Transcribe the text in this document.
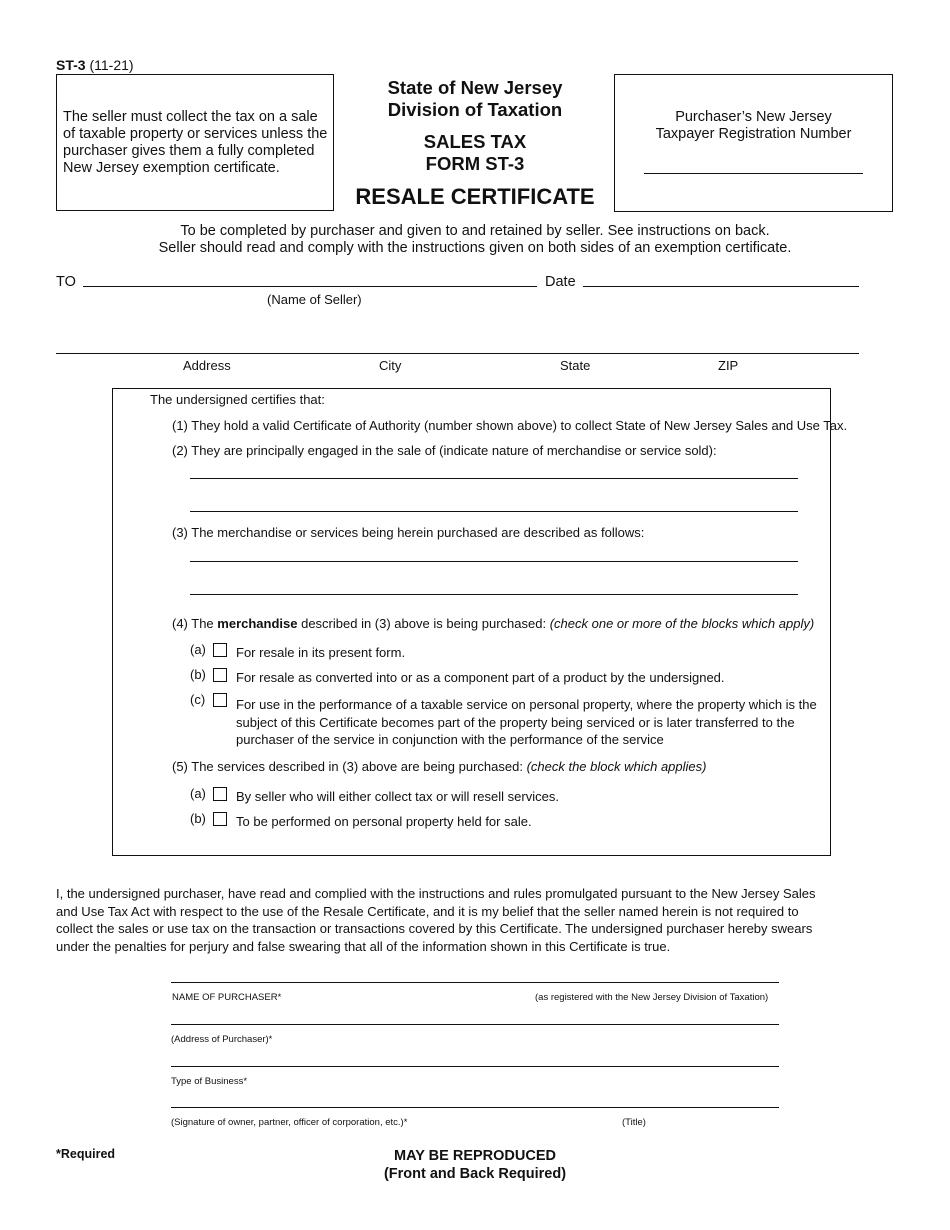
ST-3 (11-21)
The seller must collect the tax on a sale of taxable property or services unless the purchaser gives them a fully completed New Jersey exemption certificate.
State of New Jersey
Division of Taxation
SALES TAX
FORM ST-3
RESALE CERTIFICATE
Purchaser’s New Jersey
Taxpayer Registration Number
To be completed by purchaser and given to and retained by seller. See instructions on back.
Seller should read and comply with the instructions given on both sides of an exemption certificate.
TO	Date
(Name of Seller)
Address	City	State	ZIP
The undersigned certifies that:
(1) They hold a valid Certificate of Authority (number shown above) to collect State of New Jersey Sales and Use Tax.
(2) They are principally engaged in the sale of (indicate nature of merchandise or service sold):
(3) The merchandise or services being herein purchased are described as follows:
(4) The merchandise described in (3) above is being purchased: (check one or more of the blocks which apply)
(a) For resale in its present form.
(b) For resale as converted into or as a component part of a product by the undersigned.
(c) For use in the performance of a taxable service on personal property, where the property which is the
subject of this Certificate becomes part of the property being serviced or is later transferred to the
purchaser of the service in conjunction with the performance of the service
(5) The services described in (3) above are being purchased: (check the block which applies)
(a) By seller who will either collect tax or will resell services.
(b) To be performed on personal property held for sale.
I, the undersigned purchaser, have read and complied with the instructions and rules promulgated pursuant to the New Jersey Sales and Use Tax Act with respect to the use of the Resale Certificate, and it is my belief that the seller named herein is not required to collect the sales or use tax on the transaction or transactions covered by this Certificate. The undersigned purchaser hereby swears under the penalties for perjury and false swearing that all of the information shown in this Certificate is true.
NAME OF PURCHASER*	(as registered with the New Jersey Division of Taxation)
(Address of Purchaser)*
Type of Business*
(Signature of owner, partner, officer of corporation, etc.)*	(Title)
*Required	MAY BE REPRODUCED
(Front and Back Required)
